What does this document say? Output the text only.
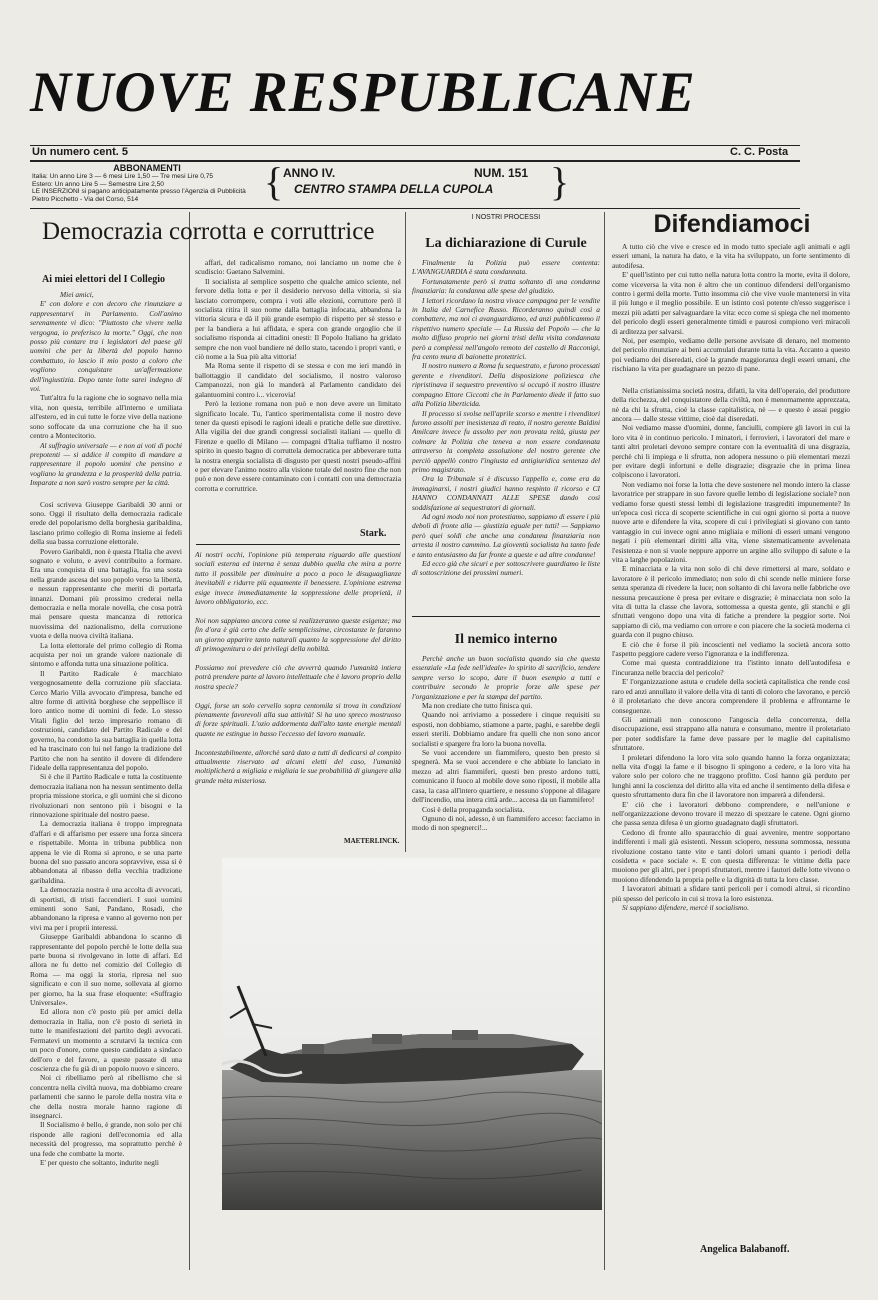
NUOVE RESPUBLICANE
Un numero cent. 5	C. C. Posta
ABBONAMENTI
Italia: Un anno Lire 3 — 6 mesi Lire 1,50 — Tre mesi Lire 0,75
Estero: Un anno Lire 5 — Semestre Lire 2,50
LE INSERZIONI si pagano anticipatamente presso l'Agenzia di Pubblicità Pietro Picchetto - Via del Corso, 514	{ ANNO IV.	NUM. 151
CENTRO STAMPA DELLA CUPOLA }
Democrazia corrotta e corruttrice
Ai miei elettori del I Collegio

Miei amici,

E' con dolore e con decoro che rinunziare a rappresentarvi in Parlamento. Coll'animo serenamente vi dico: "Piuttosto che vivere nella vergogna, io preferisco la morte." Oggi, che non posso più contare tra i legislatori del paese gli uomini che per la libertà del popolo hanno combattuto, io lascio il mio posto a coloro che vogliono conquistare un'affermazione dell'ingiustizia. Dopo tante lotte sarei indegno di voi.

Tutt'altra fu la ragione che io sognavo nella mia vita, non questa, terribile all'interno e umiliata all'estero, ed in cui tutte le forze vive della nazione sono soffocate da una corruzione che ha il suo centro a Montecitorio.

Al suffragio universale — e non ai voti di pochi prepotenti — si addice il compito di mandare a rappresentare il popolo uomini che pensino e vogliano la grandezza e la prosperità della patria. Imparate a non sarò vostro sempre per la città.

Così scriveva Giuseppe Garibaldi 30 anni or sono. Oggi il risultato della democrazia radicale erede del popolarismo della borghesia garibaldina, lasciano primo collegio di Roma insieme ai fedeli della sua bassa corruzione elettorale.

Povero Garibaldi, non è questa l'Italia che avevi sognato e voluto, e avevi contribuito a formare. Era una conquista di una battaglia, fra una sosta nella grande ascesa del suo popolo verso la libertà, e nessun rappresentante che meriti di portarla innanzi. Domani più prossimo crederai nella democrazia e nella morale novella, che cosa potrà mai pensare questa mancanza di rettorica nuovissima del nazionalismo, della corruzione vuota e della nuova civiltà italiana.

La lotta elettorale del primo collegio di Roma acquista per noi un grande valore nazionale di sintomo e affonda tutta una situazione politica.

Il Partito Radicale è macchiato vergognosamente della corruzione più sfacciata. Cerco Mario Villa avvocato d'impresa, banche ed altre forme di attività borghese che seppellisce il loro antico nome di uomini di fede. Lo stesso Vitali figlio del terzo impresario romano di costruzioni, candidato del Partito Radicale e del governo, ha condotto la sua battaglia in quella lotta ed ha trascinato con lui nel fango la tradizione del Partito che non ha sentito il dovere di difendere l'ideale della rappresentanza del popolo.

Si è che il Partito Radicale e tutta la costituente democrazia italiana non ha nessun sentimento della propria missione storica, e gli uomini che si dicono rivoluzionari non sentono più i bisogni e la rinnovazione spirituale del nostro paese.

La democrazia italiana è troppo impregnata d'affari e di affarismo per essere una forza sincera e rispettabile. Monta in tribuna pubblica non appena le vie di Roma si aprono, e se una parte buona del suo passato ancora sopravvive, essa si è abbandonata al ribasso della vecchia tradizione garibaldina.

La democrazia nostra è una accolta di avvocati, di sportisti, di tristi faccendieri. I suoi uomini eminenti sono Sani, Pandano, Rosadi, che abbandonano la ripresa e vanno al governo non per vivi ma per i proprii interessi.

Giuseppe Garibaldi abbandona lo scanno di rappresentante del popolo perchè le lotte della sua parte buona si rivolgevano in lotte di affari. Ed allora ne fu detto nel comizio del Collegio di Roma — ma oggi la storia, ripresa nel suo significato e con il suo nome, sollevata al giorno per giorno, ha la sua frase eloquente: «Suffragio Universale».

Ed allora non c'è posto più per amici della democrazia in Italia, non c'è posto di serietà in tutte le manifestazioni del partito degli avvocati. Fermatevi un momento a scrutarvi la tecnica con un poco d'onore, come questo candidato a sindaco dell'oro e del favore, a queste passate di una coscienza che fu già di un popolo nuovo e sincero.

Noi ci ribelliamo però al ribellismo che si concentra nella civiltà nuova, ma dobbiamo creare parlamenti che sanno le parole della nostra vita e che della nostra morale hanno ragione di insegnarci.

Il Socialismo è bello, è grande, non solo per chi risponde alle ragioni dell'economia ed alla necessità del progresso, ma soprattutto perchè è una fede che combatte la morte.

E' per questo che soltanto, indurite negli

affari, del radicalismo romano, noi lanciamo un nome che è scudiscio: Gaetano Salvemini.

Il socialista al semplice sospetto che qualche amico sciente, nel fervore della lotta e per il desiderio nervoso della vittoria, si sia lasciato corrompere, compra i voti alle elezioni, corruttore però il socialista ritira il suo nome dalla battaglia infocata, abbandona la vittoria sicura e dà il più grande esempio di rispetto per sè stesso e per la bandiera a lui affidata, e spera con grande orgoglio che il socialismo risponda ai cittadini onesti: Il Popolo Italiano ha gridato sempre che non vuol bandiere né dello stato, tacendo i propri vanti, e ciò nome a la Sua più alta vittoria!

Ma Roma sente il rispetto di se stessa e con me ieri mandò in ballottaggio il candidato del socialismo, il nostro valoroso Campanozzi, non già lo manderà al Parlamento candidato dei galantuomini contro i... vicerovia!

Però la lezione romana non può e non deve avere un limitato significato locale. Tu, l'antico sperimentalista come il nostro deve tener da questi episodi le ragioni ideali e pratiche delle sue direttive. Alla vigilia dei due grandi congressi socialisti italiani — quello di Firenze e quello di Milano — compagni d'Italia tuffiamo il nostro spirito in questo bagno di corruttela democratica per abbeverare tutta la nostra energia socialista di disgusto per questi nostri pseudo-affini e per elevare l'animo nostro alla visione totale del nostro fine che non può e non deve essere contaminato con i contatti con una democrazia corrotta e corruttrice.

Stark.
Ai nostri occhi, l'opinione più temperata riguardo alle questioni sociali esterna ed interna è senza dubbio quella che mira a porre tutto il possibile per diminuire a poco a poco le disuguaglianze inevitabili e ridurre più equamente il benessere. L'opinione estrema esige invece immediatamente la soppressione delle proprietà, il lavoro obbligatorio, ecc.

Noi non sappiamo ancora come si realizzeranno queste esigenze; ma fin d'ora è già certo che delle semplicissime, circostanze le faranno un giorno apparire tanto naturali quanto la soppressione del diritto di primogenitura o dei privilegi della nobiltà.

Possiamo noi prevedere ciò che avverrà quando l'umanità intiera potrà prendere parte al lavoro intellettuale che è lavoro proprio della nostra specie?

Oggi, forse un solo cervello sopra centomila si trova in condizioni pienamente favorevoli alla sua attività! Si ha uno spreco mostruoso di forze spirituali. L'ozio addormenta dall'alto tante energie mentali quante ne estingue in basso l'eccesso del lavoro manuale.

Incontestabilmente, allorchè sarà dato a tutti di dedicarsi al compito attualmente riservato ad alcuni eletti del caso, l'umanità moltiplicherà a migliaia e migliaia le sue probabilità di giungere alla grande mèta misteriosa.
MAETERLINCK.
I NOSTRI PROCESSI
La dichiarazione di Curule

Finalmente la Polizia può essere contenta: L'AVANGUARDIA è stata condannata.

Fortunatamente però si tratta soltanto di una condanna finanziaria: la condanna alle spese del giudizio.

I lettori ricordano la nostra vivace campagna per le vendite in Italia del Carnefice Russo. Ricorderanno quindi così a combattere, ma noi ci avanguardiamo, ed anzi pubblicammo il rispettivo numero speciale — La Russia del Popolo — che la molto diffuso proprio nei giorni tristi della visita condannata però a complessi nell'angolo remoto del castello di Racconigi, fra cento mura di baionette protettrici.

Il nostro numero a Roma fu sequestrato, e furono processati gerente e rivenditori. Della disposizione poliziesca che ripristinava il sequestro preventivo si occupò il nostro illustre compagno Ettore Ciccotti che in Parlamento diede il fatto suo alla Polizia liberticida.

Il processo si svolse nell'aprile scorso e mentre i rivenditori furono assolti per inesistenza di reato, il nostro gerente Baldini Amilcare invece fu assolto per non provata reità, giusta per colmare la Polizia che teneva a non essere condannata attraverso la completa assoluzione del nostro gerente che perciò appellò contro l'ingiusta ed antigiuridica sentenza del primo magistrato.

Ora la Tribunale si è discusso l'appello e, come era da immaginarsi, i nostri giudici hanno respinto il ricorso e CI HANNO CONDANNATI ALLE SPESE dando così soddisfazione ai sequestratori di giornali.

Ad ogni modo noi non protestiamo, sappiamo di essere i più deboli di fronte alla — giustizia eguale per tutti! — Sappiamo però quei soldi che anche una condanna finanziaria non arresta il nostro cammino. La gioventù socialista ha tanto fede e tanto entusiasmo da far fronte a queste e ad altre condanne!

Ed ecco già che sicuri e per sottoscrivere guardiamo le liste di sottoscrizione dei prossimi numeri.

Il nemico interno

Perchè anche un buon socialista quando sia che questa essenziale «La fede nell'ideale» lo spirito di sacrificio, tendere sempre verso lo scopo, dare il buon esempio a tutti e contribuire secondo le proprie forze alle spese per l'organizzazione e per la stampa del partito.

Ma non crediate che tutto finisca qui.

Quando noi arriviamo a possedere i cinque requisiti su esposti, non dobbiamo, stiamone a parte, paghi, e sarebbe degli esseri sterili. Dobbiamo andare fra quelli che non sono ancor socialisti e spargere fra loro la buona novella.

Se vuoi accendere un fiammifero, questo ben presto si spegnerà. Ma se vuoi accendere e che abbiate lo lanciato in mezzo ad altri fiammiferi, questi ben presto ardono tutti, comunicano il fuoco al mobile dove sono riposti, il mobile alla casa, la casa all'intero quartiere, e nessuno s'oppone al dilagare dell'incendio, una intera città arde... accesa da un fiammifero!

Così è della propaganda socialista.

Ognuno di noi, adesso, è un fiammifero acceso: facciamo in modo di non spegnerci!...

Difendiamoci

A tutto ciò che vive e cresce ed in modo tutto speciale agli animali e agli esseri umani, la natura ha dato, e la vita ha sviluppato, un forte sentimento di autodifesa.

E' quell'istinto per cui tutto nella natura lotta contro la morte, evita il dolore, come viceversa la vita non è altro che un continuo difendersi dell'organismo contro i germi della morte. Tutto insomma ciò che vive vuole mantenersi in vita il più lungo e il meglio possibile. E un istinto così potente ch'esso suggerisce i mezzi più adatti per salvaguardare la vita: ecco come si spiega che nel momento del pericolo degli esseri generalmente timidi e paurosi compiono veri miracoli di arditezza per salvarsi.

Noi, per esempio, vediamo delle persone avvisate di denaro, nel momento del pericolo rinunziare ai beni accumulati durante tutta la vita. Accanto a questo poi vediamo dei diseredati, cioè la grande maggioranza degli esseri umani, che rischiano la vita per guadagnare un pezzo di pane.

Nella cristianissima società nostra, difatti, la vita dell'operaio, del produttore della ricchezza, del conquistatore della civiltà, non è menomamente apprezzata, nè da chi la sfrutta, cioè la classe capitalistica, nè — e questo è assai peggio ancora — dalle stesse vittime, cioè dai diseredati.

Noi vediamo masse d'uomini, donne, fanciulli, compiere gli lavori in cui la loro vita è in continuo pericolo. I minatori, i ferrovieri, i lavoratori del mare e tanti altri proletari devono sempre contare con la eventualità di una disgrazia, perchè chi li impiega e li sfrutta, non adopera nessuno o più elementari mezzi per evitare degli infortuni e delle disgrazie; disgrazie che in prima linea colpiscono i lavoratori.

Non vediamo noi forse la lotta che deve sostenere nel mondo intero la classe lavoratrice per strappare in suo favore quelle lembo di legislazione sociale? non vediamo forse questi stessi lembi di legislazione trasgrediti impunemente? In un'epoca così ricca di scoperte scientifiche in cui ogni giorno si porta a nuove nuove arte e difendere la vita, scopere di cui i privilegiati si giovano con tanto vantaggio in cui invece ogni anno migliaia e milioni di esseri umani vengono negati i più elementari diritti alla vita, viene sistematicamente avvelenata l'esistenza e non si vuole neppure apporre un argine allo sviluppo di salute e la vita a larghe popolazioni.

E minacciata e la vita non solo di chi deve rimettersi al mare, soldato e lavoratore è il pericolo immediato; non solo di chi scende nelle miniere forse senza speranza di rivedere la luce; non soltanto di chi lavora nelle fabbriche ove nessuna precauzione è presa per evitare e disgrazie; è minacciata non solo la vita di tutta la classe che lavora, sottomessa a questa gente, gli stanchi e gli sfruttati vengono dopo una vita di fatiche a prendere la peggior sorte. Noi sappiamo di ciò, ma vediamo con orrore e con piacere che la società moderna ci guarda con il pugno chiuso.

E ciò che è forse il più incoscienti nel vediamo la società ancora sotto l'aspetto peggiore cadere verso l'ignoranza e la indifferenza.

Come mai questa contraddizione tra l'istinto innato dell'autodifesa e l'incuranza nelle braccia del pericolo?

E' l'organizzazione astuta e crudele della società capitalistica che rende così raro ed anzi annullato il valore della vita di tanti di coloro che lavorano, e perciò è il proletariato che deve ancora comprendere il problema e affrontarne le conseguenze.

Gli animali non conoscono l'angoscia della concorrenza, della disoccupazione, essi strappano alla natura e consumano, mentre il proletariato per poter soddisfare la fame deve passare per le maglie del capitalismo sfruttatore.

I proletari difendono la loro vita solo quando hanno la forza organizzata; nella vita d'oggi la fame e il bisogno li spingono a cedere, e la loro vita ha valore solo per coloro che ne traggono profitto. Così hanno già perduto per lunghi anni la coscienza del diritto alla vita ed anche il sentimento della difesa e questo sfruttamento dura fin che il lavoratore non imparerà a difendersi.

E' ciò che i lavoratori debbono comprendere, e nell'unione e nell'organizzazione devono trovare il mezzo di spezzare le catene. Ogni giorno che passa senza difesa è un giorno guadagnato dagli sfruttatori.

Cedono di fronte allo spauracchio di guai avvenire, mentre sopportano indifferenti i mali già esistenti. Nessun sciopero, nessuna sommossa, nessuna rivoluzione costano tante vite e tanti dolori umani quanto i periodi della cosidetta « pace sociale ». E con questa differenza: le vittime della pace muoiono per gli altri, per i propri sfruttatori, mentre i fautori delle lotte vivono o muoiono difendendo la propria pelle e la dignità di tutta la loro classe.

I lavoratori abituati a sfidare tanti pericoli per i comodi altrui, si ricordino più spesso del pericolo in cui si trova la loro esistenza.

Si sappiano difendere, mercè il socialismo.

Angelica Balabanoff.
